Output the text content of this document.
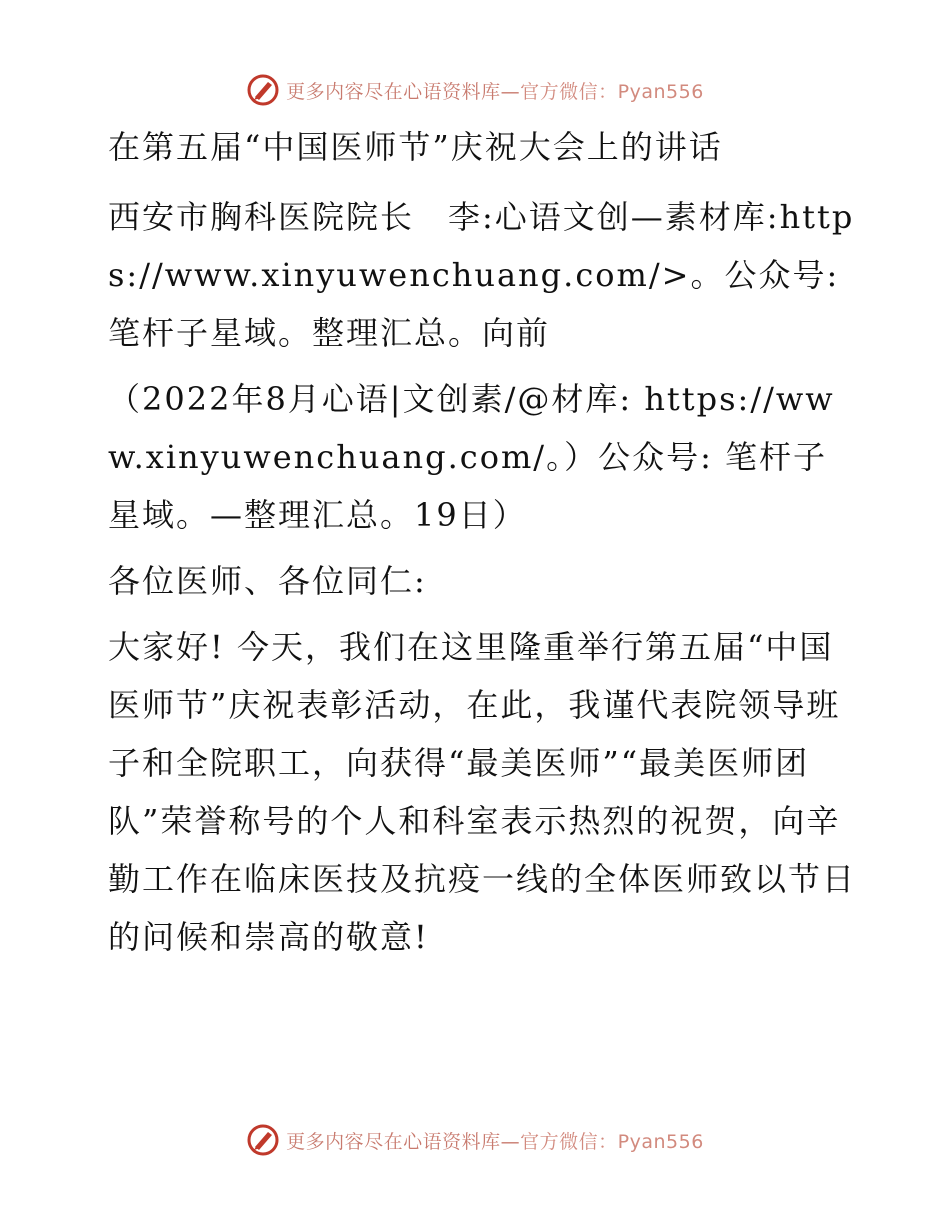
更多内容尽在心语资料库—官方微信：Pyan556

在第五届“中国医师节”庆祝大会上的讲话

西安市胸科医院院长　李:心语文创—素材库:https://www.xinyuwenchuang.com/>。公众号: 笔杆子星域。整理汇总。向前

（2022年8月心语|文创素/@材库: https://www.xinyuwenchuang.com/。）公众号: 笔杆子星域。—整理汇总。19日）

各位医师、各位同仁:

大家好! 今天，我们在这里隆重举行第五届“中国医师节”庆祝表彰活动，在此，我谨代表院领导班子和全院职工，向获得“最美医师”“最美医师团队”荣誉称号的个人和科室表示热烈的祝贺，向辛勤工作在临床医技及抗疫一线的全体医师致以节日的问候和崇高的敬意!

更多内容尽在心语资料库—官方微信：Pyan556
